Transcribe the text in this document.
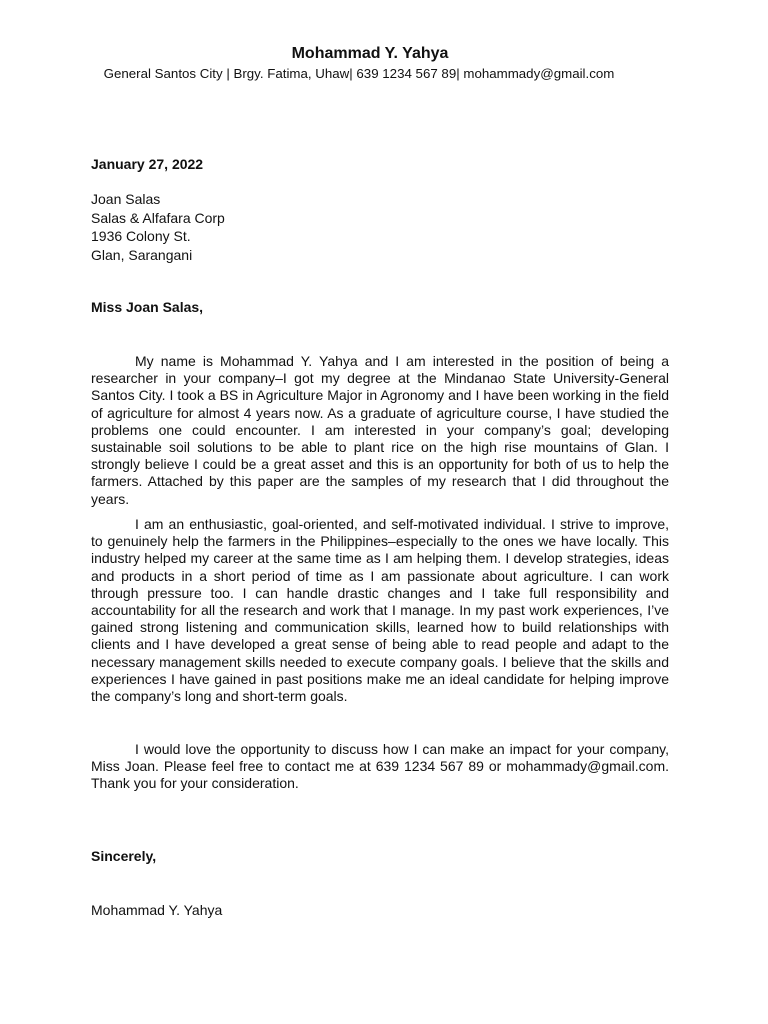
Mohammad Y. Yahya
General Santos City | Brgy. Fatima, Uhaw| 639 1234 567 89| mohammady@gmail.com
January 27, 2022
Joan Salas
Salas & Alfafara Corp
1936 Colony St.
Glan, Sarangani
Miss Joan Salas,

My name is Mohammad Y. Yahya and I am interested in the position of being a researcher in your company–I got my degree at the Mindanao State University-General Santos City. I took a BS in Agriculture Major in Agronomy and I have been working in the field of agriculture for almost 4 years now. As a graduate of agriculture course, I have studied the problems one could encounter. I am interested in your company’s goal; developing sustainable soil solutions to be able to plant rice on the high rise mountains of Glan. I strongly believe I could be a great asset and this is an opportunity for both of us to help the farmers. Attached by this paper are the samples of my research that I did throughout the years.

I am an enthusiastic, goal-oriented, and self-motivated individual. I strive to improve, to genuinely help the farmers in the Philippines–especially to the ones we have locally. This industry helped my career at the same time as I am helping them. I develop strategies, ideas and products in a short period of time as I am passionate about agriculture. I can work through pressure too. I can handle drastic changes and I take full responsibility and accountability for all the research and work that I manage. In my past work experiences, I’ve gained strong listening and communication skills, learned how to build relationships with clients and I have developed a great sense of being able to read people and adapt to the necessary management skills needed to execute company goals. I believe that the skills and experiences I have gained in past positions make me an ideal candidate for helping improve the company’s long and short-term goals.

I would love the opportunity to discuss how I can make an impact for your company, Miss Joan. Please feel free to contact me at 639 1234 567 89 or mohammady@gmail.com. Thank you for your consideration.

Sincerely,
Mohammad Y. Yahya
